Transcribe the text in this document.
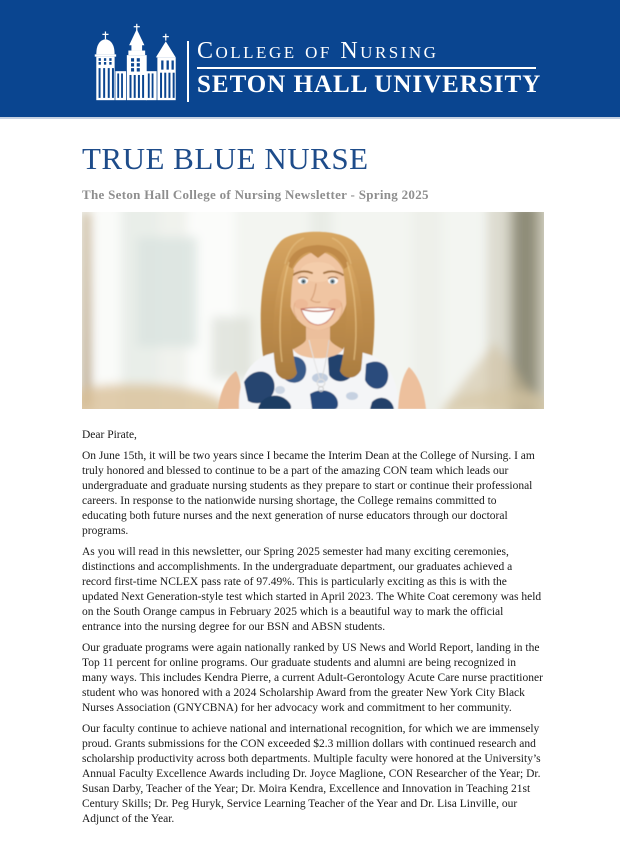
College of Nursing
SETON HALL UNIVERSITY
TRUE BLUE NURSE
The Seton Hall College of Nursing Newsletter - Spring 2025

Dear Pirate,

On June 15th, it will be two years since I became the Interim Dean at the College of Nursing. I am truly honored and blessed to continue to be a part of the amazing CON team which leads our undergraduate and graduate nursing students as they prepare to start or continue their professional careers. In response to the nationwide nursing shortage, the College remains committed to educating both future nurses and the next generation of nurse educators through our doctoral programs.

As you will read in this newsletter, our Spring 2025 semester had many exciting ceremonies, distinctions and accomplishments. In the undergraduate department, our graduates achieved a record first-time NCLEX pass rate of 97.49%. This is particularly exciting as this is with the updated Next Generation-style test which started in April 2023. The White Coat ceremony was held on the South Orange campus in February 2025 which is a beautiful way to mark the official entrance into the nursing degree for our BSN and ABSN students.

Our graduate programs were again nationally ranked by US News and World Report, landing in the Top 11 percent for online programs. Our graduate students and alumni are being recognized in many ways. This includes Kendra Pierre, a current Adult-Gerontology Acute Care nurse practitioner student who was honored with a 2024 Scholarship Award from the greater New York City Black Nurses Association (GNYCBNA) for her advocacy work and commitment to her community.

Our faculty continue to achieve national and international recognition, for which we are immensely proud. Grants submissions for the CON exceeded $2.3 million dollars with continued research and scholarship productivity across both departments. Multiple faculty were honored at the University’s Annual Faculty Excellence Awards including Dr. Joyce Maglione, CON Researcher of the Year; Dr. Susan Darby, Teacher of the Year; Dr. Moira Kendra, Excellence and Innovation in Teaching 21st Century Skills; Dr. Peg Huryk, Service Learning Teacher of the Year and Dr. Lisa Linville, our Adjunct of the Year.
